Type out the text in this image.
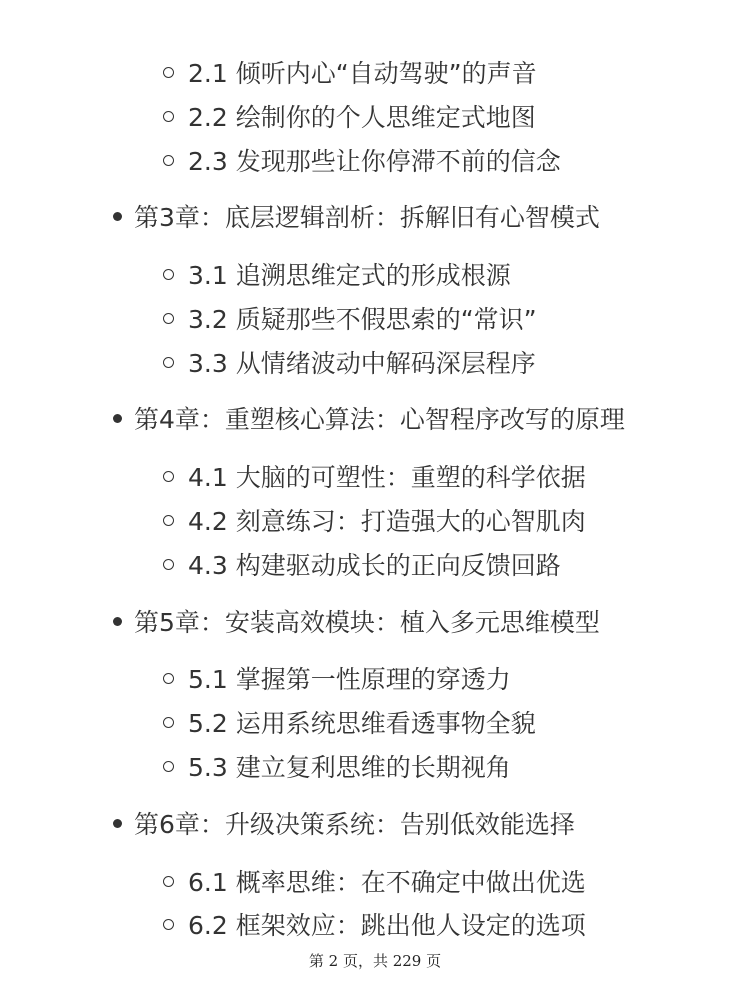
2.1 倾听内心“自动驾驶”的声音
2.2 绘制你的个人思维定式地图
2.3 发现那些让你停滞不前的信念
第3章：底层逻辑剖析：拆解旧有心智模式
3.1 追溯思维定式的形成根源
3.2 质疑那些不假思索的“常识”
3.3 从情绪波动中解码深层程序
第4章：重塑核心算法：心智程序改写的原理
4.1 大脑的可塑性：重塑的科学依据
4.2 刻意练习：打造强大的心智肌肉
4.3 构建驱动成长的正向反馈回路
第5章：安装高效模块：植入多元思维模型
5.1 掌握第一性原理的穿透力
5.2 运用系统思维看透事物全貌
5.3 建立复利思维的长期视角
第6章：升级决策系统：告别低效能选择
6.1 概率思维：在不确定中做出优选
6.2 框架效应：跳出他人设定的选项
第 2 页，共 229 页
